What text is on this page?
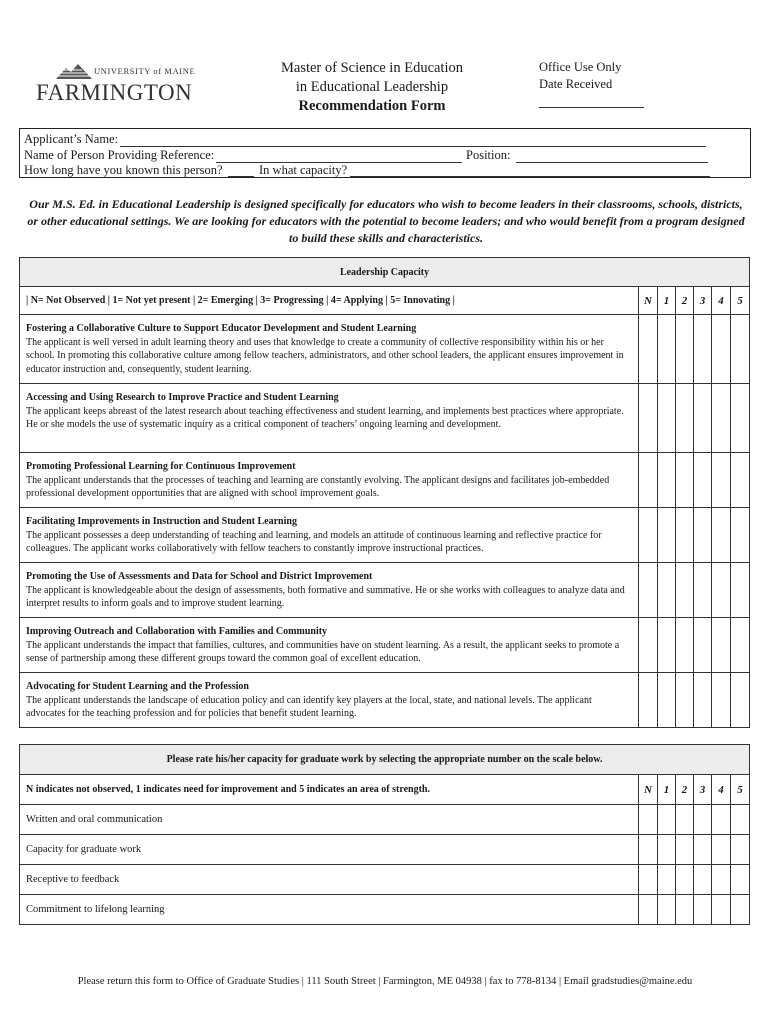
UNIVERSITY of MAINE
FARMINGTON
Master of Science in Education
in Educational Leadership
Recommendation Form
Office Use Only
Date Received
Applicant’s Name:
Name of Person Providing Reference:	Position:
How long have you known this person?	In what capacity?
Our M.S. Ed. in Educational Leadership is designed specifically for educators who wish to become leaders in their classrooms, schools, districts, or other educational settings. We are looking for educators with the potential to become leaders; and who would benefit from a program designed to build these skills and characteristics.
Leadership Capacity						
| N= Not Observed | 1= Not yet present | 2= Emerging | 3= Progressing | 4= Applying | 5= Innovating |	N	1	2	3	4	5

Fostering a Collaborative Culture to Support Educator Development and Student Learning
The applicant is well versed in adult learning theory and uses that knowledge to create a community of collective responsibility within his or her school. In promoting this collaborative culture among fellow teachers, administrators, and other school leaders, the applicant ensures improvement in educator instruction and, consequently, student learning.						

Accessing and Using Research to Improve Practice and Student Learning
The applicant keeps abreast of the latest research about teaching effectiveness and student learning, and implements best practices where appropriate. He or she models the use of systematic inquiry as a critical component of teachers’ ongoing learning and development.						

Promoting Professional Learning for Continuous Improvement
The applicant understands that the processes of teaching and learning are constantly evolving. The applicant designs and facilitates job-embedded professional development opportunities that are aligned with school improvement goals.						

Facilitating Improvements in Instruction and Student Learning
The applicant possesses a deep understanding of teaching and learning, and models an attitude of continuous learning and reflective practice for colleagues. The applicant works collaboratively with fellow teachers to constantly improve instructional practices.						

Promoting the Use of Assessments and Data for School and District Improvement
The applicant is knowledgeable about the design of assessments, both formative and summative. He or she works with colleagues to analyze data and interpret results to inform goals and to improve student learning.						

Improving Outreach and Collaboration with Families and Community
The applicant understands the impact that families, cultures, and communities have on student learning. As a result, the applicant seeks to promote a sense of partnership among these different groups toward the common goal of excellent education.						

Advocating for Student Learning and the Profession
The applicant understands the landscape of education policy and can identify key players at the local, state, and national levels. The applicant advocates for the teaching profession and for policies that benefit student learning.						
Please rate his/her capacity for graduate work by selecting the appropriate number on the scale below.						
N indicates not observed, 1 indicates need for improvement and 5 indicates an area of strength.	N	1	2	3	4	5
Written and oral communication						
Capacity for graduate work						
Receptive to feedback						
Commitment to lifelong learning						
Please return this form to Office of Graduate Studies | 111 South Street | Farmington, ME 04938 | fax to 778-8134 | Email gradstudies@maine.edu
